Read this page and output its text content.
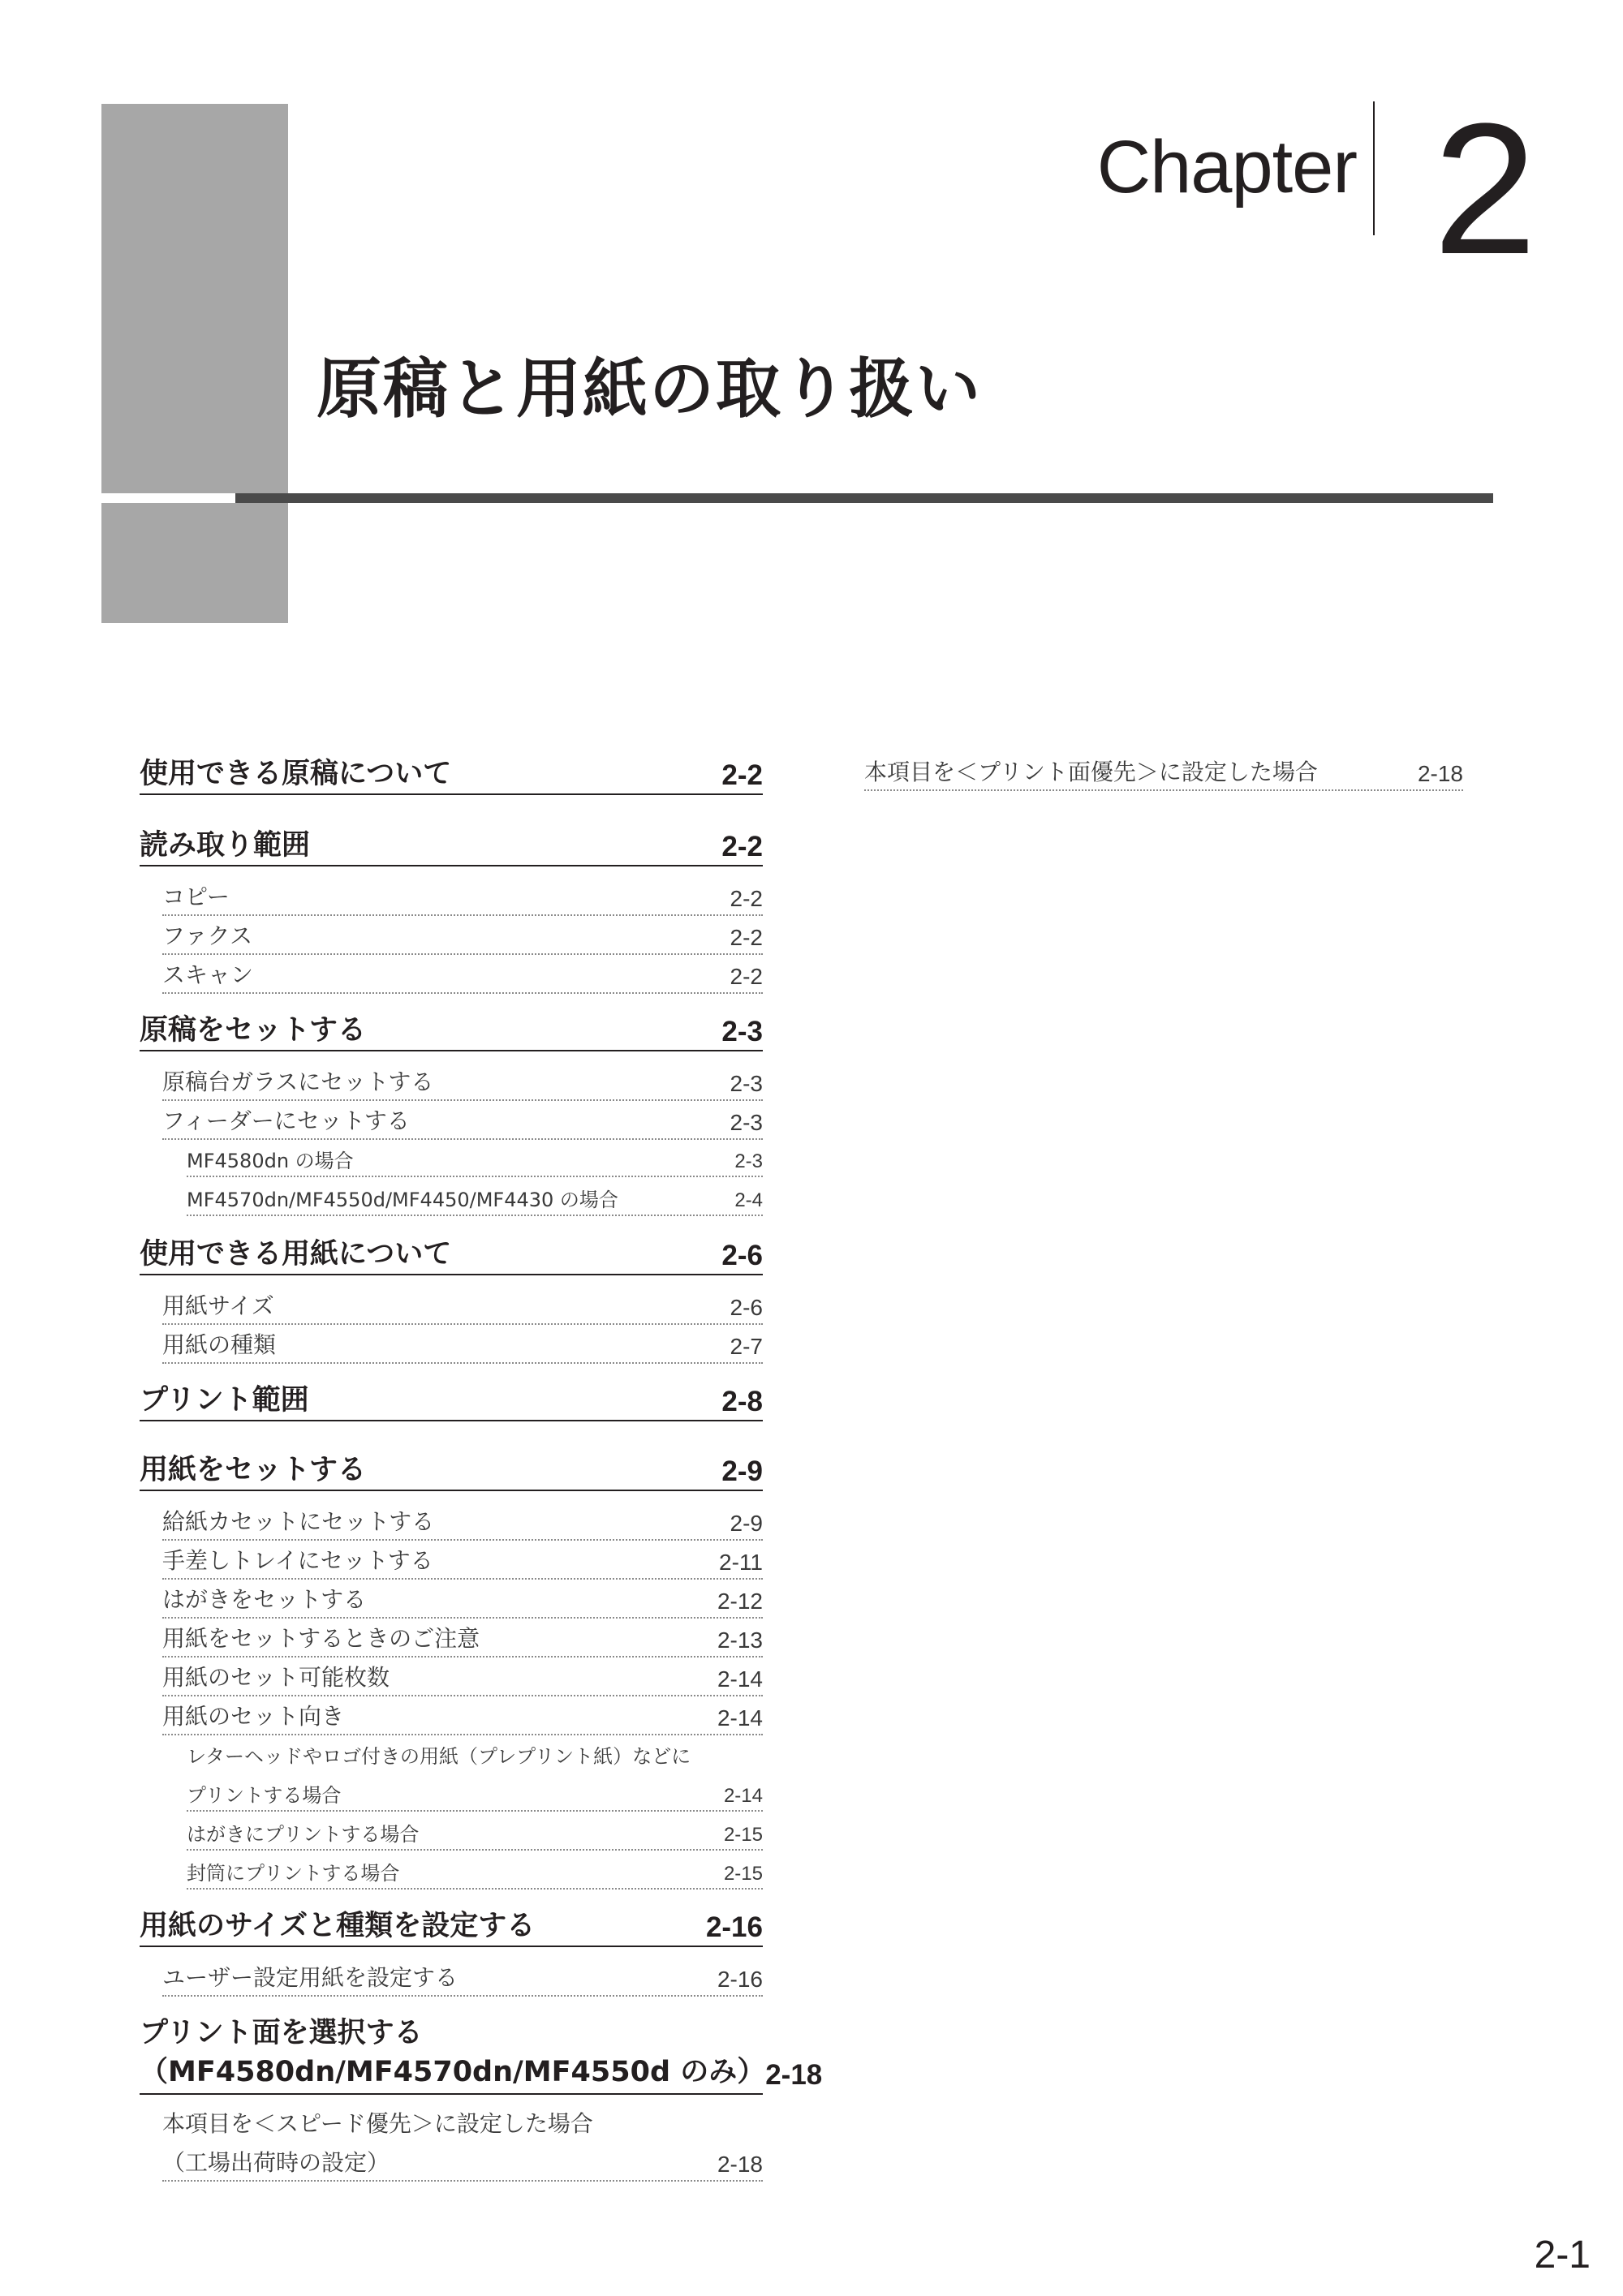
Chapter 2
原稿と用紙の取り扱い
使用できる原稿について	2-2
読み取り範囲	2-2
コピー	2-2
ファクス	2-2
スキャン	2-2
原稿をセットする	2-3
原稿台ガラスにセットする	2-3
フィーダーにセットする	2-3
MF4580dn の場合	2-3
MF4570dn/MF4550d/MF4450/MF4430 の場合	2-4
使用できる用紙について	2-6
用紙サイズ	2-6
用紙の種類	2-7
プリント範囲	2-8
用紙をセットする	2-9
給紙カセットにセットする	2-9
手差しトレイにセットする	2-11
はがきをセットする	2-12
用紙をセットするときのご注意	2-13
用紙のセット可能枚数	2-14
用紙のセット向き	2-14
レターヘッドやロゴ付きの用紙（プレプリント紙）などに
プリントする場合	2-14
はがきにプリントする場合	2-15
封筒にプリントする場合	2-15
用紙のサイズと種類を設定する	2-16
ユーザー設定用紙を設定する	2-16
プリント面を選択する
（MF4580dn/MF4570dn/MF4550d のみ） 2-18
本項目を＜スピード優先＞に設定した場合
（工場出荷時の設定）	2-18
本項目を＜プリント面優先＞に設定した場合	2-18
2-1
